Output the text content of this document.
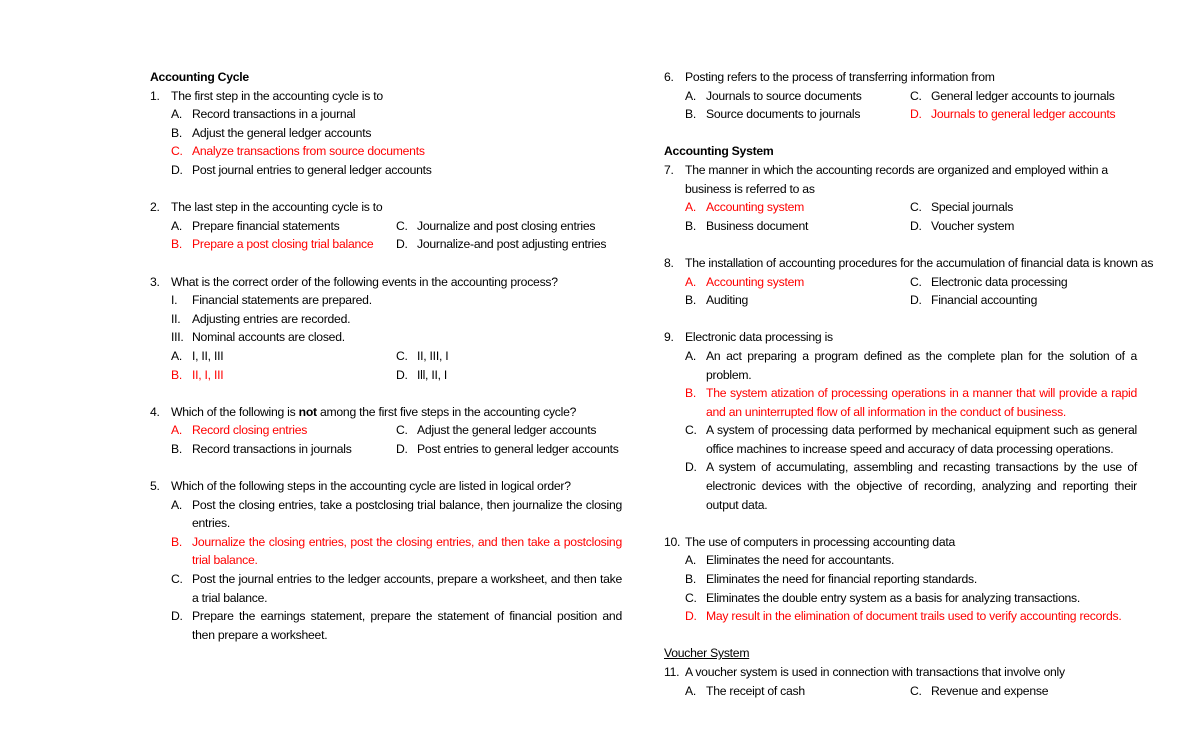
Accounting Cycle
1. The first step in the accounting cycle is to
A. Record transactions in a journal
B. Adjust the general ledger accounts
C. Analyze transactions from source documents
D. Post journal entries to general ledger accounts
2. The last step in the accounting cycle is to
A. Prepare financial statements	C. Journalize and post closing entries
B. Prepare a post closing trial balance D. Journalize-and post adjusting entries
3. What is the correct order of the following events in the accounting process?
I. Financial statements are prepared.
II. Adjusting entries are recorded.
III. Nominal accounts are closed.
A. I, II, III	C. II, III, I
B. II, I, III	D. Ill, II, I
4. Which of the following is not among the first five steps in the accounting cycle?
A. Record closing entries	C. Adjust the general ledger accounts
B. Record transactions in journals	D. Post entries to general ledger accounts
5. Which of the following steps in the accounting cycle are listed in logical order?
A. Post the closing entries, take a postclosing trial balance, then journalize the closing entries.
B. Journalize the closing entries, post the closing entries, and then take a postclosing trial balance.
C. Post the journal entries to the ledger accounts, prepare a worksheet, and then take a trial balance.
D. Prepare the earnings statement, prepare the statement of financial position and then prepare a worksheet.
6. Posting refers to the process of transferring information from
A. Journals to source documents	C. General ledger accounts to journals
B. Source documents to journals	D. Journals to general ledger accounts
Accounting System
7. The manner in which the accounting records are organized and employed within a business is referred to as
A. Accounting system	C. Special journals
B. Business document	D. Voucher system
8. The installation of accounting procedures for the accumulation of financial data is known as
A. Accounting system	C. Electronic data processing
B. Auditing	D. Financial accounting
9. Electronic data processing is
A. An act preparing a program defined as the complete plan for the solution of a problem.
B. The system atization of processing operations in a manner that will provide a rapid and an uninterrupted flow of all information in the conduct of business.
C. A system of processing data performed by mechanical equipment such as general office machines to increase speed and accuracy of data processing operations.
D. A system of accumulating, assembling and recasting transactions by the use of electronic devices with the objective of recording, analyzing and reporting their output data.
10. The use of computers in processing accounting data
A. Eliminates the need for accountants.
B. Eliminates the need for financial reporting standards.
C. Eliminates the double entry system as a basis for analyzing transactions.
D. May result in the elimination of document trails used to verify accounting records.
Voucher System
11. A voucher system is used in connection with transactions that involve only
A. The receipt of cash	C. Revenue and expense
